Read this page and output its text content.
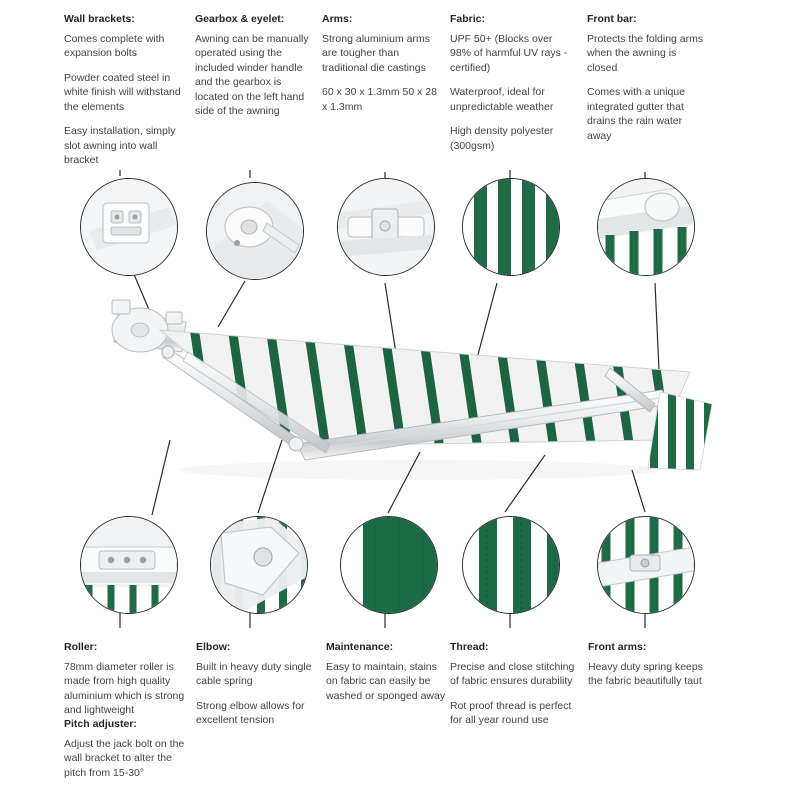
Wall brackets:

Comes complete with expansion bolts

Powder coated steel in white finish will withstand the elements

Easy installation, simply slot awning into wall bracket

Gearbox & eyelet:

Awning can be manually operated using the included winder handle and the gearbox is located on the left hand side of the awning

Arms:

Strong aluminium arms are tougher than traditional die castings

60 x 30 x 1.3mm 50 x 28 x 1.3mm

Fabric:

UPF 50+ (Blocks over 98% of harmful UV rays - certified)

Waterproof, ideal for unpredictable weather

High density polyester (300gsm)

Front bar:

Protects the folding arms when the awning is closed

Comes with a unique integrated gutter that drains the rain water away

Roller:

78mm diameter roller is made from high quality aluminium which is strong and lightweight

Pitch adjuster:

Adjust the jack bolt on the wall bracket to alter the pitch from 15-30°

Elbow:

Built in heavy duty single cable spring

Strong elbow allows for excellent tension

Maintenance:

Easy to maintain, stains on fabric can easily be washed or sponged away

Thread:

Precise and close stitching of fabric ensures durability

Rot proof thread is perfect for all year round use

Front arms:

Heavy duty spring keeps the fabric beautifully taut
